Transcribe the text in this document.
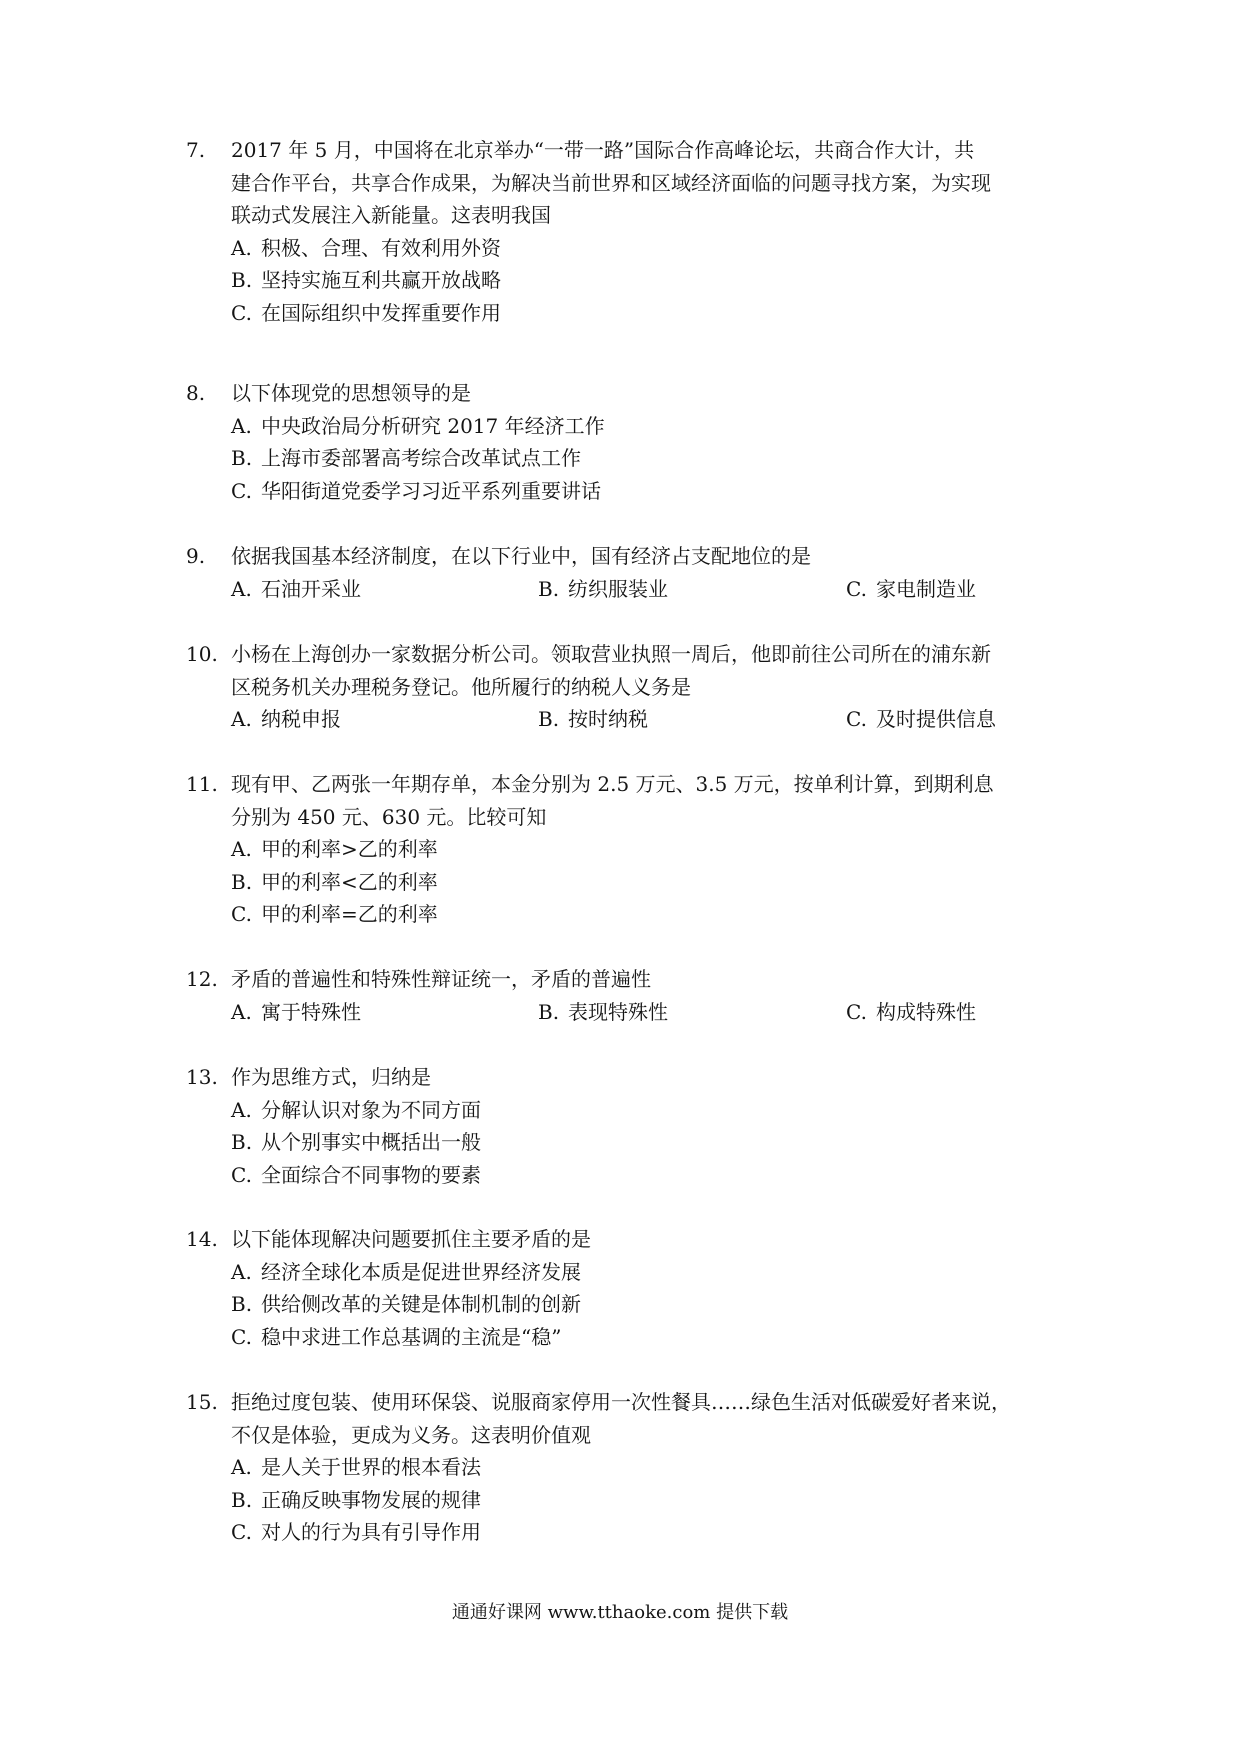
7. 2017 年 5 月，中国将在北京举办“一带一路”国际合作高峰论坛，共商合作大计，共
建合作平台，共享合作成果，为解决当前世界和区域经济面临的问题寻找方案，为实现
联动式发展注入新能量。这表明我国
A. 积极、合理、有效利用外资
B. 坚持实施互利共赢开放战略
C. 在国际组织中发挥重要作用
8. 以下体现党的思想领导的是
A. 中央政治局分析研究 2017 年经济工作
B. 上海市委部署高考综合改革试点工作
C. 华阳街道党委学习习近平系列重要讲话
9. 依据我国基本经济制度，在以下行业中，国有经济占支配地位的是
A. 石油开采业	B. 纺织服装业	C. 家电制造业
10. 小杨在上海创办一家数据分析公司。领取营业执照一周后，他即前往公司所在的浦东新
区税务机关办理税务登记。他所履行的纳税人义务是
A. 纳税申报	B. 按时纳税	C. 及时提供信息
11. 现有甲、乙两张一年期存单，本金分别为 2.5 万元、3.5 万元，按单利计算，到期利息
分别为 450 元、630 元。比较可知
A. 甲的利率>乙的利率
B. 甲的利率<乙的利率
C. 甲的利率=乙的利率
12. 矛盾的普遍性和特殊性辩证统一，矛盾的普遍性
A. 寓于特殊性	B. 表现特殊性	C. 构成特殊性
13. 作为思维方式，归纳是
A. 分解认识对象为不同方面
B. 从个别事实中概括出一般
C. 全面综合不同事物的要素
14. 以下能体现解决问题要抓住主要矛盾的是
A. 经济全球化本质是促进世界经济发展
B. 供给侧改革的关键是体制机制的创新
C. 稳中求进工作总基调的主流是“稳”
15. 拒绝过度包装、使用环保袋、说服商家停用一次性餐具……绿色生活对低碳爱好者来说，
不仅是体验，更成为义务。这表明价值观
A. 是人关于世界的根本看法
B. 正确反映事物发展的规律
C. 对人的行为具有引导作用
通通好课网 www.tthaoke.com 提供下载
